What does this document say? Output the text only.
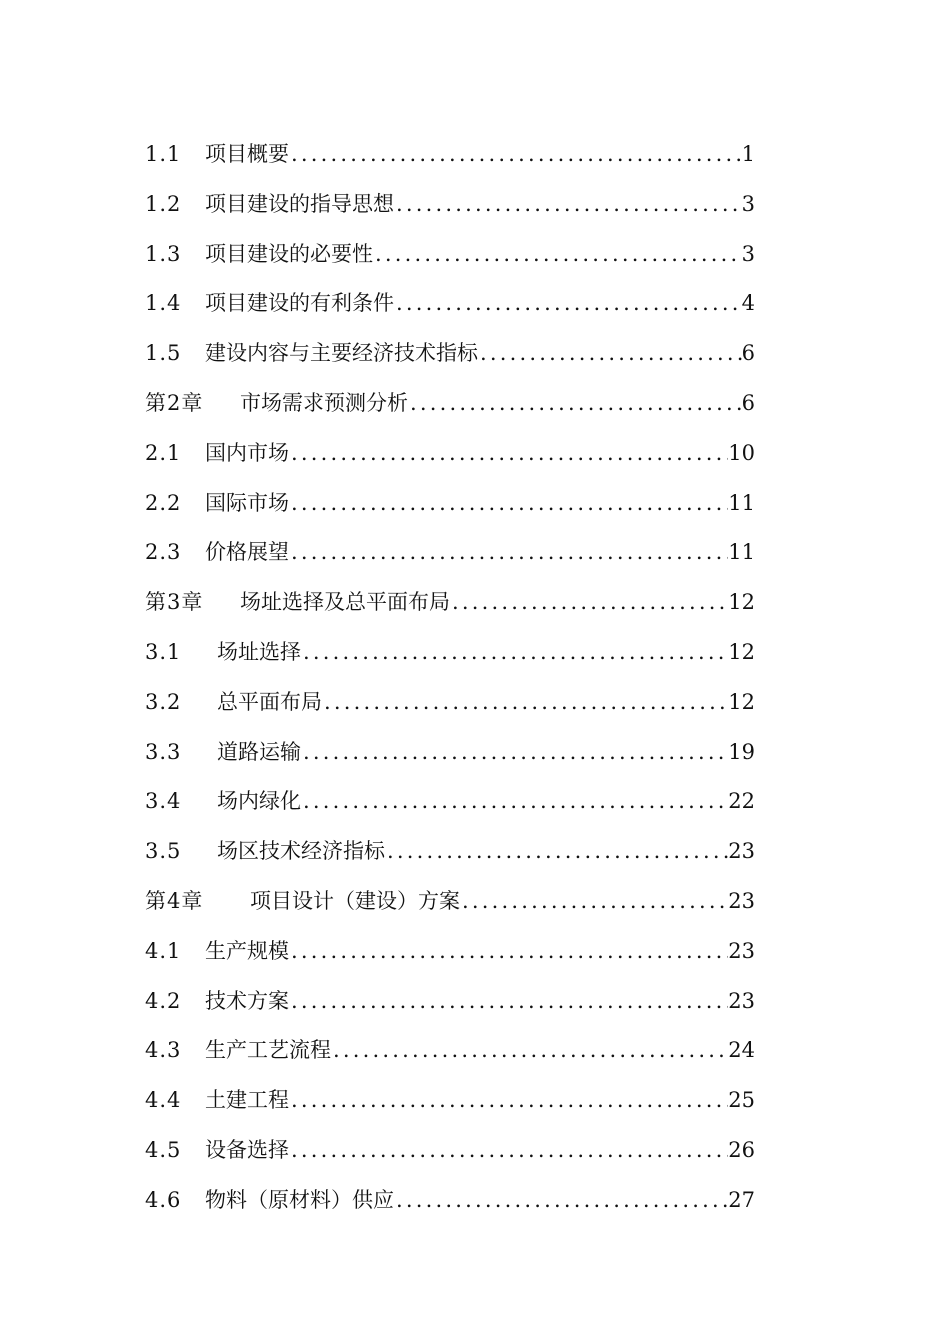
1.1	项目概要 .....	1
1.2	项目建设的指导思想 .....	3
1.3	项目建设的必要性 .....	3
1.4	项目建设的有利条件 .....	4
1.5	建设内容与主要经济技术指标 .....	6
第2章	市场需求预测分析 .....	6
2.1	国内市场 .....	10
2.2	国际市场 .....	11
2.3	价格展望 .....	11
第3章	场址选择及总平面布局 .....	12
3.1	场址选择 .....	12
3.2	总平面布局 .....	12
3.3	道路运输 .....	19
3.4	场内绿化 .....	22
3.5	场区技术经济指标 .....	23
第4章	项目设计（建设）方案 .....	23
4.1	生产规模 .....	23
4.2	技术方案 .....	23
4.3	生产工艺流程 .....	24
4.4	土建工程 .....	25
4.5	设备选择 .....	26
4.6	物料（原材料）供应 .....	27
